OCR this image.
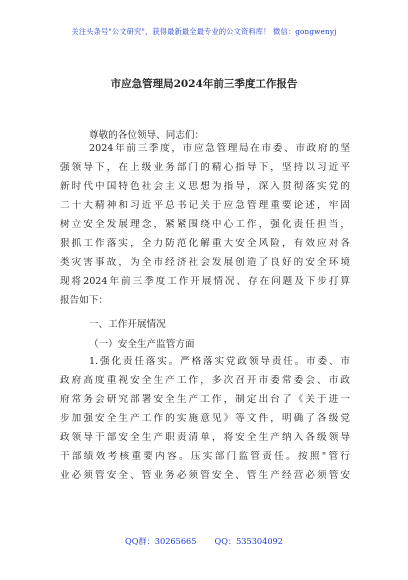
关注头条号"公文研究"，获得最新最全最专业的公文资料库！ 微信：gongwenyj
市应急管理局2024年前三季度工作报告
尊敬的各位领导、同志们：
2024年前三季度，市应急管理局在市委、市政府的坚
强领导下，在上级业务部门的精心指导下，坚持以习近平
新时代中国特色社会主义思想为指导，深入贯彻落实党的
二十大精神和习近平总书记关于应急管理重要论述，牢固
树立安全发展理念，紧紧围绕中心工作，强化责任担当，
狠抓工作落实，全力防范化解重大安全风险，有效应对各
类灾害事故，为全市经济社会发展创造了良好的安全环境
现将2024年前三季度工作开展情况、存在问题及下步打算
报告如下：
一、工作开展情况
（一）安全生产监管方面
1.强化责任落实。严格落实党政领导责任。市委、市
政府高度重视安全生产工作，多次召开市委常委会、市政
府常务会研究部署安全生产工作，制定出台了《关于进一
步加强安全生产工作的实施意见》等文件，明确了各级党
政领导干部安全生产职责清单，将安全生产纳入各级领导
干部绩效考核重要内容。压实部门监管责任。按照"管行
业必须管安全、管业务必须管安全、管生产经营必须管安
QQ群：30265665 QQ：535304092
